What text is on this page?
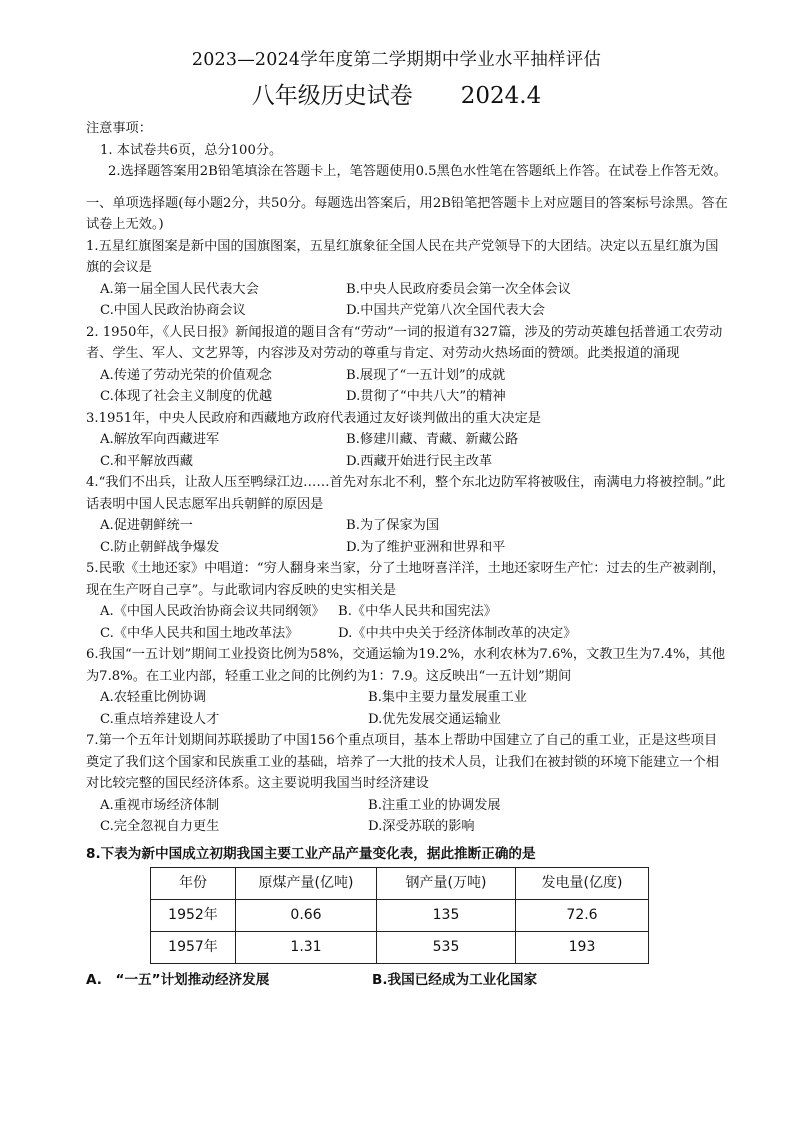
2023—2024学年度第二学期期中学业水平抽样评估
八年级历史试卷 2024.4

注意事项：

1. 本试卷共6页，总分100分。

2.选择题答案用2B铅笔填涂在答题卡上，笔答题使用0.5黑色水性笔在答题纸上作答。在试卷上作答无效。

一、单项选择题(每小题2分，共50分。每题选出答案后，用2B铅笔把答题卡上对应题目的答案标号涂黑。答在试卷上无效。)

1.五星红旗图案是新中国的国旗图案，五星红旗象征全国人民在共产党领导下的大团结。决定以五星红旗为国旗的会议是

A.第一届全国人民代表大会	B.中央人民政府委员会第一次全体会议
C.中国人民政治协商会议	D.中国共产党第八次全国代表大会

2. 1950年，《人民日报》新闻报道的题目含有“劳动”一词的报道有327篇，涉及的劳动英雄包括普通工农劳动者、学生、军人、文艺界等，内容涉及对劳动的尊重与肯定、对劳动火热场面的赞颂。此类报道的涌现

A.传递了劳动光荣的价值观念	B.展现了“一五计划”的成就
C.体现了社会主义制度的优越	D.贯彻了“中共八大”的精神

3.1951年，中央人民政府和西藏地方政府代表通过友好谈判做出的重大决定是

A.解放军向西藏进军	B.修建川藏、青藏、新藏公路
C.和平解放西藏	D.西藏开始进行民主改革

4.“我们不出兵，让敌人压至鸭绿江边……首先对东北不利，整个东北边防军将被吸住，南满电力将被控制。”此话表明中国人民志愿军出兵朝鲜的原因是

A.促进朝鲜统一	B.为了保家为国
C.防止朝鲜战争爆发	D.为了维护亚洲和世界和平

5.民歌《土地还家》中唱道：“穷人翻身来当家，分了土地呀喜洋洋，土地还家呀生产忙：过去的生产被剥削，现在生产呀自己享”。与此歌词内容反映的史实相关是

A.《中国人民政治协商会议共同纲领》	B.《中华人民共和国宪法》
C.《中华人民共和国土地改革法》	D.《中共中央关于经济体制改革的决定》

6.我国“一五计划”期间工业投资比例为58%，交通运输为19.2%，水利农林为7.6%，文教卫生为7.4%，其他为7.8%。在工业内部，轻重工业之间的比例约为1：7.9。这反映出“一五计划”期间

A.农轻重比例协调	B.集中主要力量发展重工业
C.重点培养建设人才	D.优先发展交通运输业

7.第一个五年计划期间苏联援助了中国156个重点项目，基本上帮助中国建立了自己的重工业，正是这些项目奠定了我们这个国家和民族重工业的基础，培养了一大批的技术人员，让我们在被封锁的环境下能建立一个相对比较完整的国民经济体系。这主要说明我国当时经济建设

A.重视市场经济体制	B.注重工业的协调发展
C.完全忽视自力更生	D.深受苏联的影响

8.下表为新中国成立初期我国主要工业产品产量变化表，据此推断正确的是

年份	原煤产量(亿吨)	钢产量(万吨)	发电量(亿度)
1952年	0.66	135	72.6
1957年	1.31	535	193
A.　“一五”计划推动经济发展	B.我国已经成为工业化国家
